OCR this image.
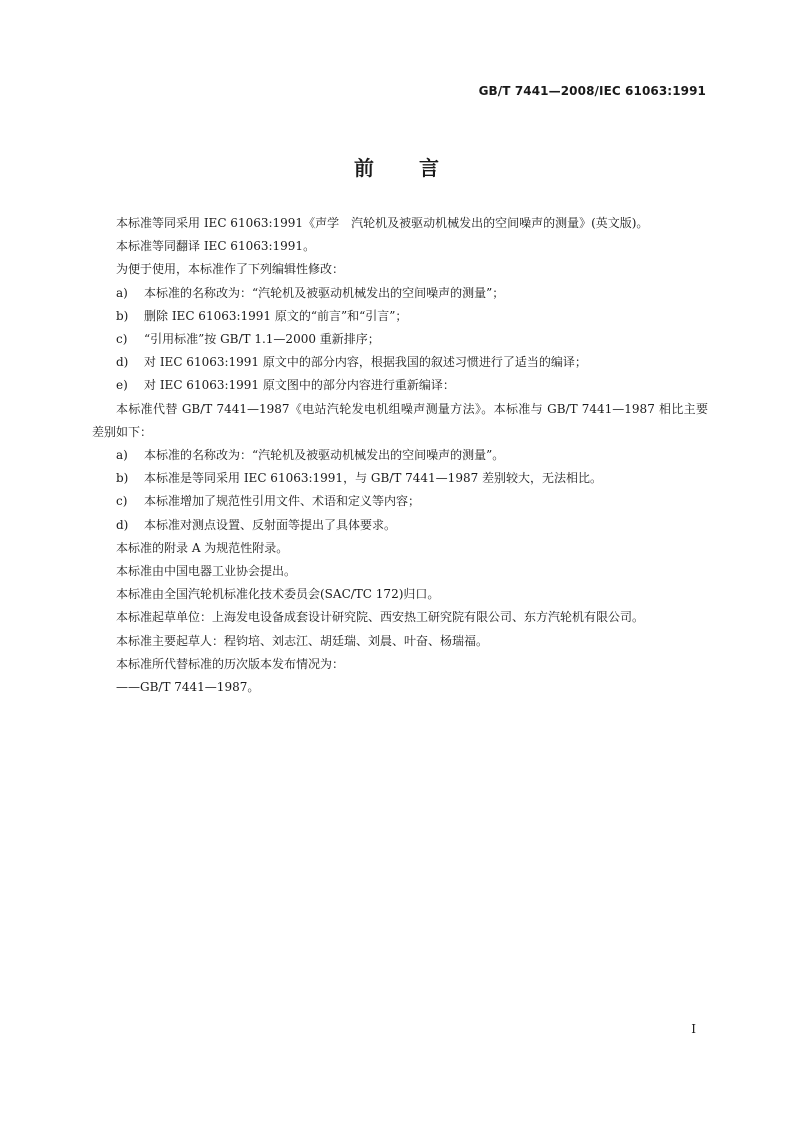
GB/T 7441—2008/IEC 61063:1991
前 言

本标准等同采用 IEC 61063:1991《声学　汽轮机及被驱动机械发出的空间噪声的测量》(英文版)。

本标准等同翻译 IEC 61063:1991。

为便于使用，本标准作了下列编辑性修改：

a) 本标准的名称改为：“汽轮机及被驱动机械发出的空间噪声的测量”；

b) 删除 IEC 61063:1991 原文的“前言”和“引言”；

c) “引用标准”按 GB/T 1.1—2000 重新排序；

d) 对 IEC 61063:1991 原文中的部分内容，根据我国的叙述习惯进行了适当的编译；

e) 对 IEC 61063:1991 原文图中的部分内容进行重新编译：

本标准代替 GB/T 7441—1987《电站汽轮发电机组噪声测量方法》。本标准与 GB/T 7441—1987 相比主要差别如下：

a) 本标准的名称改为：“汽轮机及被驱动机械发出的空间噪声的测量”。

b) 本标准是等同采用 IEC 61063:1991，与 GB/T 7441—1987 差别较大，无法相比。

c) 本标准增加了规范性引用文件、术语和定义等内容；

d) 本标准对测点设置、反射面等提出了具体要求。

本标准的附录 A 为规范性附录。

本标准由中国电器工业协会提出。

本标准由全国汽轮机标准化技术委员会(SAC/TC 172)归口。

本标准起草单位：上海发电设备成套设计研究院、西安热工研究院有限公司、东方汽轮机有限公司。

本标准主要起草人：程钧培、刘志江、胡廷瑞、刘晨、叶奋、杨瑞福。

本标准所代替标准的历次版本发布情况为：

——GB/T 7441—1987。

I
